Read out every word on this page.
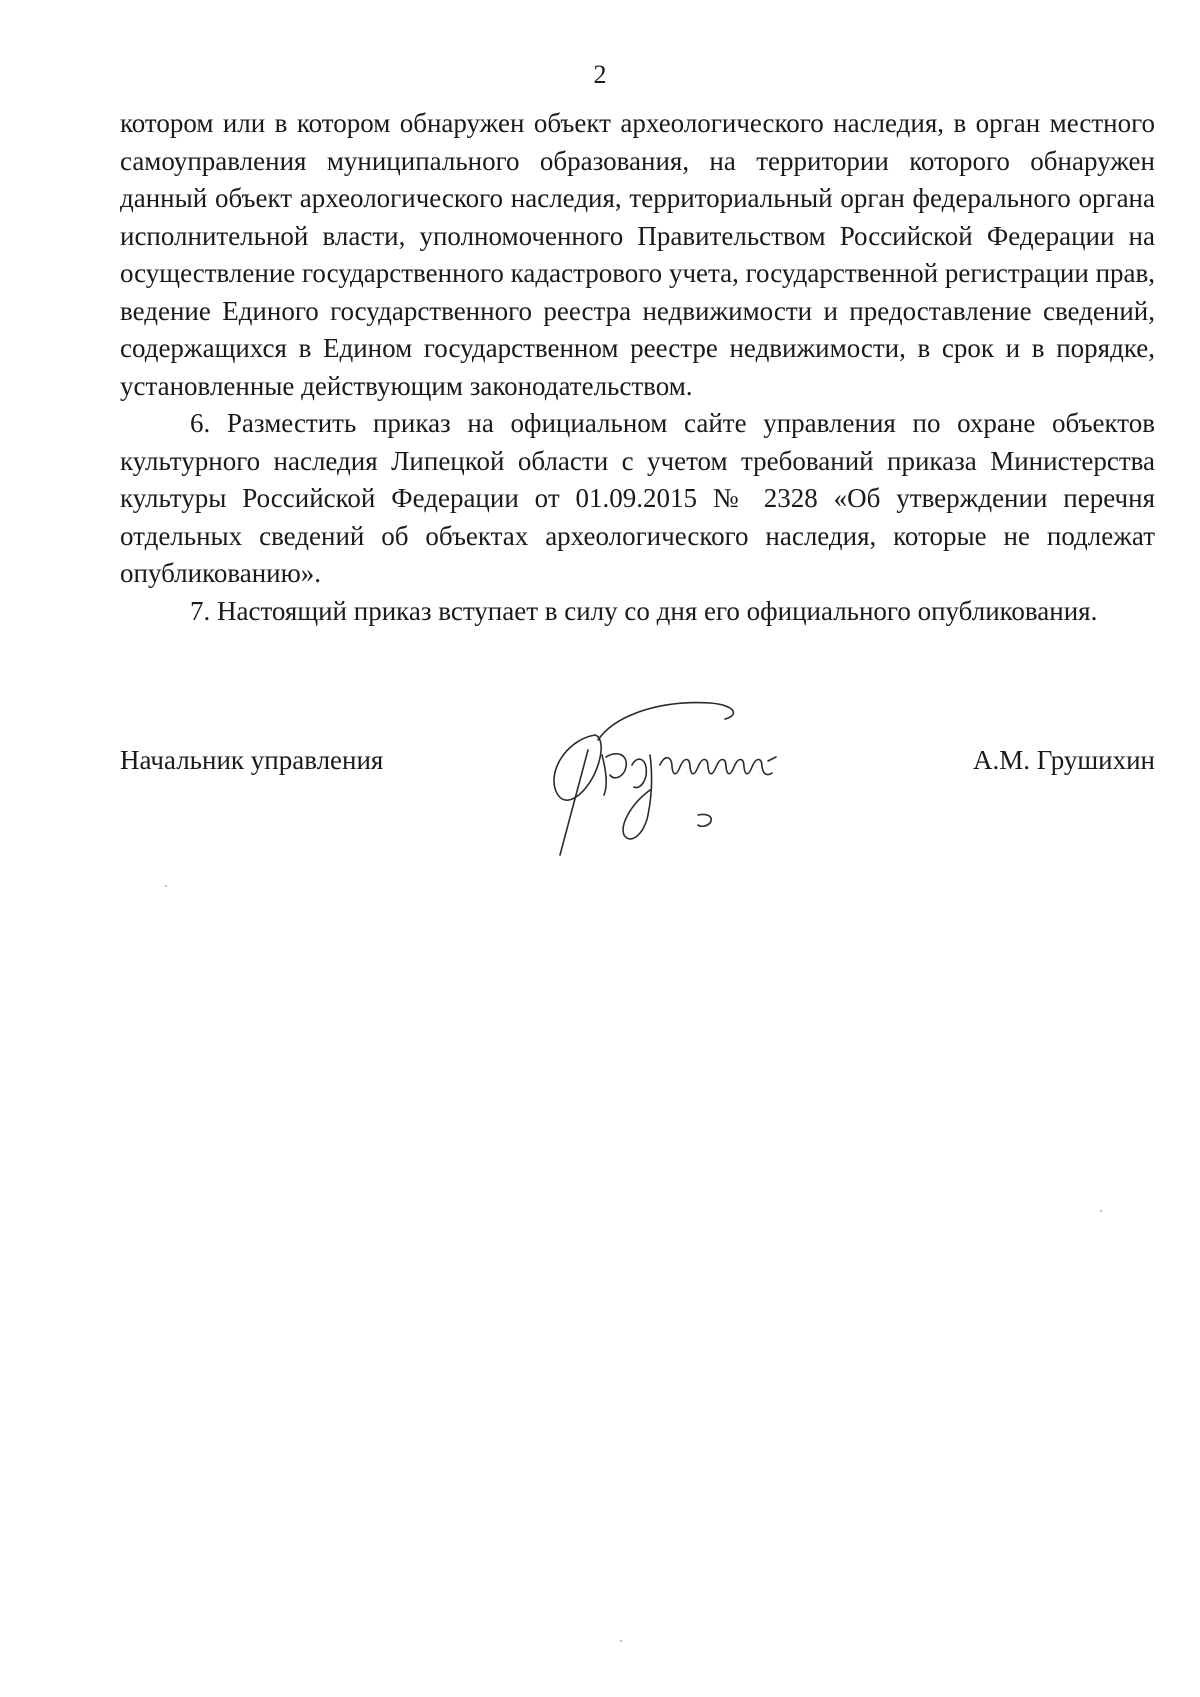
2

котором или в котором обнаружен объект археологического наследия, в орган местного самоуправления муниципального образования, на территории которого обнаружен данный объект археологического наследия, территориальный орган федерального органа исполнительной власти, уполномоченного Правительством Российской Федерации на осуществление государственного кадастрового учета, государственной регистрации прав, ведение Единого государственного реестра недвижимости и предоставление сведений, содержащихся в Едином государственном реестре недвижимости, в срок и в порядке, установленные действующим законодательством.

6. Разместить приказ на официальном сайте управления по охране объектов культурного наследия Липецкой области с учетом требований приказа Министерства культуры Российской Федерации от 01.09.2015 № 2328 «Об утверждении перечня отдельных сведений об объектах археологического наследия, которые не подлежат опубликованию».

7. Настоящий приказ вступает в силу со дня его официального опубликования.

Начальник управления	А.М. Грушихин
